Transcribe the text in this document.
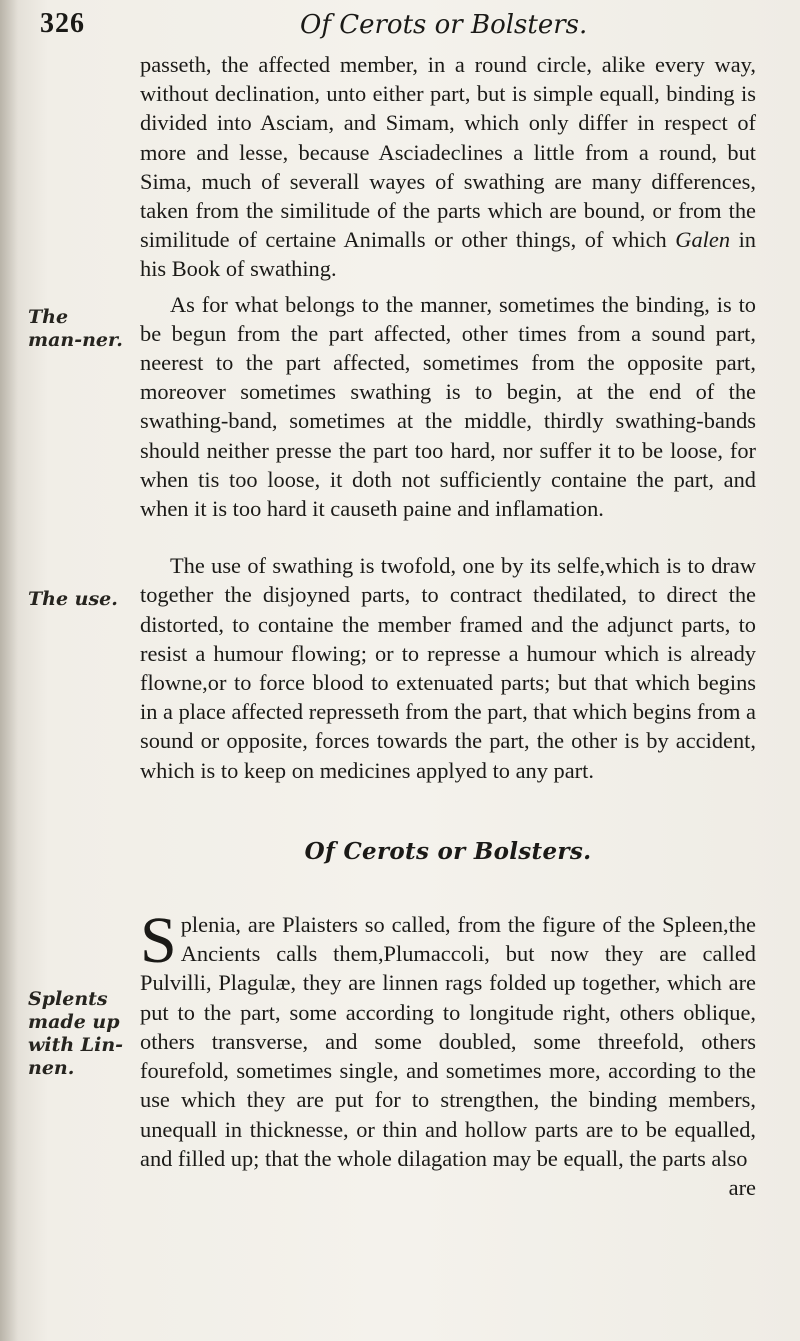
326	Of Cerots or Bolsters.
The man-ner.
The use.
Splents made up with Lin-nen.

passeth, the affected member, in a round circle, alike every way, without declination, unto either part, but is simple equall, binding is divided into Asciam, and Simam, which only differ in respect of more and lesse, because Asciadeclines a little from a round, but Sima, much of severall wayes of swathing are many differences, taken from the similitude of the parts which are bound, or from the similitude of certaine Animalls or other things, of which Galen in his Book of swathing.

As for what belongs to the manner, sometimes the binding, is to be begun from the part affected, other times from a sound part, neerest to the part affected, sometimes from the opposite part, moreover sometimes swathing is to begin, at the end of the swathing-band, sometimes at the middle, thirdly swathing-bands should neither presse the part too hard, nor suffer it to be loose, for when tis too loose, it doth not sufficiently containe the part, and when it is too hard it causeth paine and inflamation.

The use of swathing is twofold, one by its selfe,which is to draw together the disjoyned parts, to contract thedilated, to direct the distorted, to containe the member framed and the adjunct parts, to resist a humour flowing; or to represse a humour which is already flowne,or to force blood to extenuated parts; but that which begins in a place affected represseth from the part, that which begins from a sound or opposite, forces towards the part, the other is by accident, which is to keep on medicines applyed to any part.

Of Cerots or Bolsters.

Splenia, are Plaisters so called, from the figure of the Spleen,the Ancients calls them,Plumaccoli, but now they are called Pulvilli, Plagulæ, they are linnen rags folded up together, which are put to the part, some according to longitude right, others oblique, others transverse, and some doubled, some threefold, others fourefold, sometimes single, and sometimes more, according to the use which they are put for to strengthen, the binding members, unequall in thicknesse, or thin and hollow parts are to be equalled, and filled up; that the whole dilagation may be equall, the parts also

are
